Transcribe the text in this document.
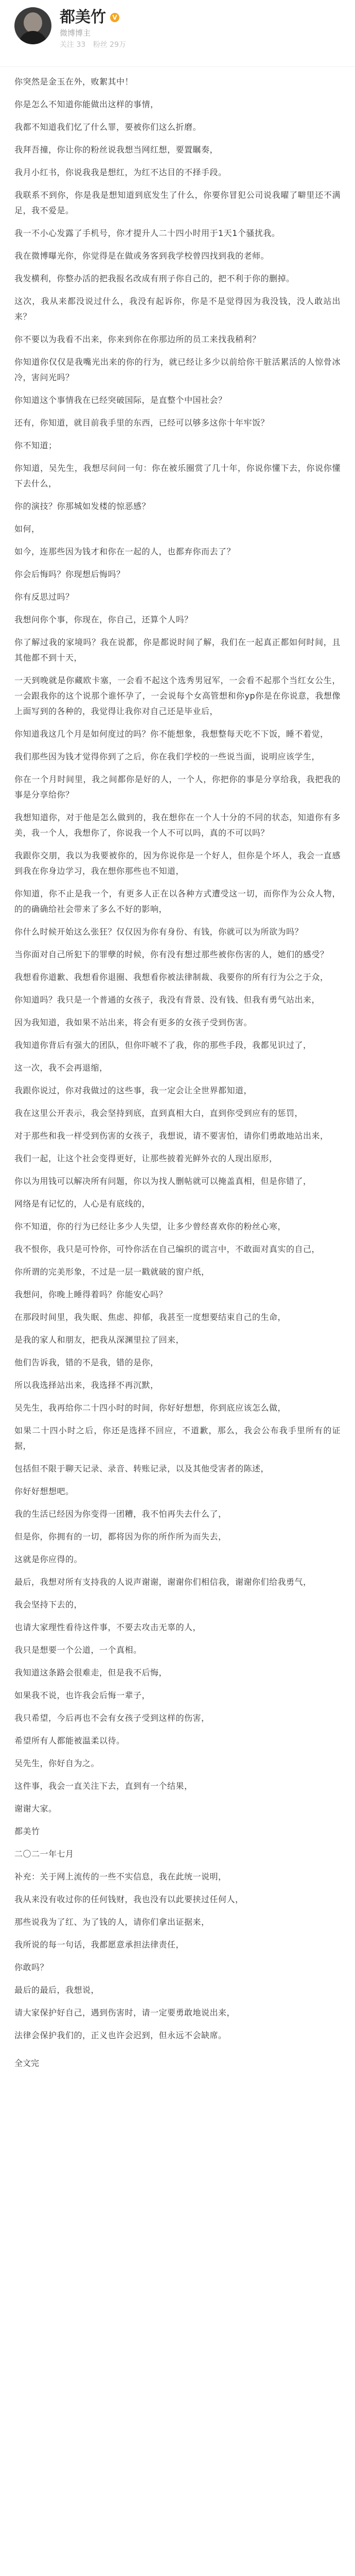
都美竹	V
微博博主
关注 33 粉丝 29万

你突然是金玉在外，败絮其中！

你是怎么不知道你能做出这样的事情，

我都不知道我们忆了什么罪，要被你们这么折磨。

我拜吾撞，你让你的粉丝说我想当网红想，要置瞩奏，

我月小红书，你说我我是想红，为红不达目的不择手段。

我联系不到你，你是我是想知道到底发生了什么，你要你冒犯公司说我曜了噼里还不满足，我不爱是。

我一不小心发露了手机号，你才提升人二十四小时用于1天1个骚扰我。

我在微博曝光你，你觉得是在做或务客到我学校曾四找到我的老师。

我发横利，你整办活的把我报名改成有刑子你自己的，把不利于你的删掉。

这次，我从来都没说过什么，我没有起诉你，你是不是觉得因为我没钱，没人敢站出来？

你不要以为我看不出来，你来到你在你那边所的员工来找我稍利？

你知道你仅仅是我嘴光出来的你的行为，就已经让多少以前给你干脏活累活的人惊骨冰冷，害问光吗？

你知道这个事情我在已经突破国际，是直整个中国社会？

还有，你知道，就目前我手里的东西，已经可以够多这你十年牢饭？

你不知道；

你知道，吴先生，我想尽问问一句：你在被乐圈赏了几十年，你说你懂下去，你说你懂下去什么，

你的演技？你那城如发楼的惊恶感？

如何，

如今，连那些因为钱才和你在一起的人，也都弃你而去了？

你会后悔吗？你现想后悔吗？

你有反思过吗？

我想问你个事，你现在，你自己，还算个人吗？

你了解过我的家境吗？我在说都，你是都说时间了解，我们在一起真正都如何时间，且其他都不到十天，

一天到晚就是你藏欧卡塞，一会看不起这个选秀男冠军，一会看不起那个当红女公生，一会跟我你的这个说那个谁怀孕了，一会说每个女高管想和你yp你是在你说意，我想像上面写到的各种的，我觉得让我你对自己还是毕业后，

你知道我这几个月是如何度过的吗？你不能想象，我想整每天吃不下饭，睡不着觉，

我们那些因为钱才觉得你到了之后，你在我们学校的一些说当面，说明应该学生，

你在一个月时间里，我之间都你是好的人，一个人，你把你的事是分享给我，我把我的事是分享给你？

我想知道你，对于他是怎么做到的，我在想你在一个人十分的不同的状态，知道你有多美，我一个人，我想你了，你说我一个人不可以吗，真的不可以吗？

我跟你交朋，我以为我要被你的，因为你说你是一个好人，但你是个坏人，我会一直感到我在你身边学习，我在想你那些也不知道，

你知道，你不止是我一个，有更多人正在以各种方式遭受这一切，而你作为公众人物，的的确确给社会带来了多么不好的影响，

你什么时候开始这么张狂？仅仅因为你有身份、有钱，你就可以为所欲为吗？

当你面对自己所犯下的罪孽的时候，你有没有想过那些被你伤害的人，她们的感受？

我想看你道歉、我想看你退圈、我想看你被法律制裁、我要你的所有行为公之于众，

你知道吗？我只是一个普通的女孩子，我没有背景、没有钱、但我有勇气站出来，

因为我知道，我如果不站出来，将会有更多的女孩子受到伤害。

我知道你背后有强大的团队，但你吓唬不了我，你的那些手段，我都见识过了，

这一次，我不会再退缩，

我跟你说过，你对我做过的这些事，我一定会让全世界都知道，

我在这里公开表示，我会坚持到底，直到真相大白，直到你受到应有的惩罚，

对于那些和我一样受到伤害的女孩子，我想说，请不要害怕，请你们勇敢地站出来，

我们一起，让这个社会变得更好，让那些披着光鲜外衣的人现出原形，

你以为用钱可以解决所有问题，你以为找人删帖就可以掩盖真相，但是你错了，

网络是有记忆的，人心是有底线的，

你不知道，你的行为已经让多少人失望，让多少曾经喜欢你的粉丝心寒，

我不恨你，我只是可怜你，可怜你活在自己编织的谎言中，不敢面对真实的自己，

你所谓的完美形象，不过是一层一戳就破的窗户纸，

我想问，你晚上睡得着吗？你能安心吗？

在那段时间里，我失眠、焦虑、抑郁，我甚至一度想要结束自己的生命，

是我的家人和朋友，把我从深渊里拉了回来，

他们告诉我，错的不是我，错的是你，

所以我选择站出来，我选择不再沉默，

吴先生，我再给你二十四小时的时间，你好好想想，你到底应该怎么做，

如果二十四小时之后，你还是选择不回应，不道歉，那么，我会公布我手里所有的证据，

包括但不限于聊天记录、录音、转账记录，以及其他受害者的陈述，

你好好想想吧。

我的生活已经因为你变得一团糟，我不怕再失去什么了，

但是你，你拥有的一切，都将因为你的所作所为而失去，

这就是你应得的。

最后，我想对所有支持我的人说声谢谢，谢谢你们相信我，谢谢你们给我勇气，

我会坚持下去的，

也请大家理性看待这件事，不要去攻击无辜的人，

我只是想要一个公道，一个真相。

我知道这条路会很难走，但是我不后悔，

如果我不说，也许我会后悔一辈子，

我只希望，今后再也不会有女孩子受到这样的伤害，

希望所有人都能被温柔以待。

吴先生，你好自为之。

这件事，我会一直关注下去，直到有一个结果，

谢谢大家。

都美竹

二〇二一年七月

补充：关于网上流传的一些不实信息，我在此统一说明，

我从来没有收过你的任何钱财，我也没有以此要挟过任何人，

那些说我为了红、为了钱的人，请你们拿出证据来，

我所说的每一句话，我都愿意承担法律责任，

你敢吗？

最后的最后，我想说，

请大家保护好自己，遇到伤害时，请一定要勇敢地说出来，

法律会保护我们的，正义也许会迟到，但永远不会缺席。

全文完
